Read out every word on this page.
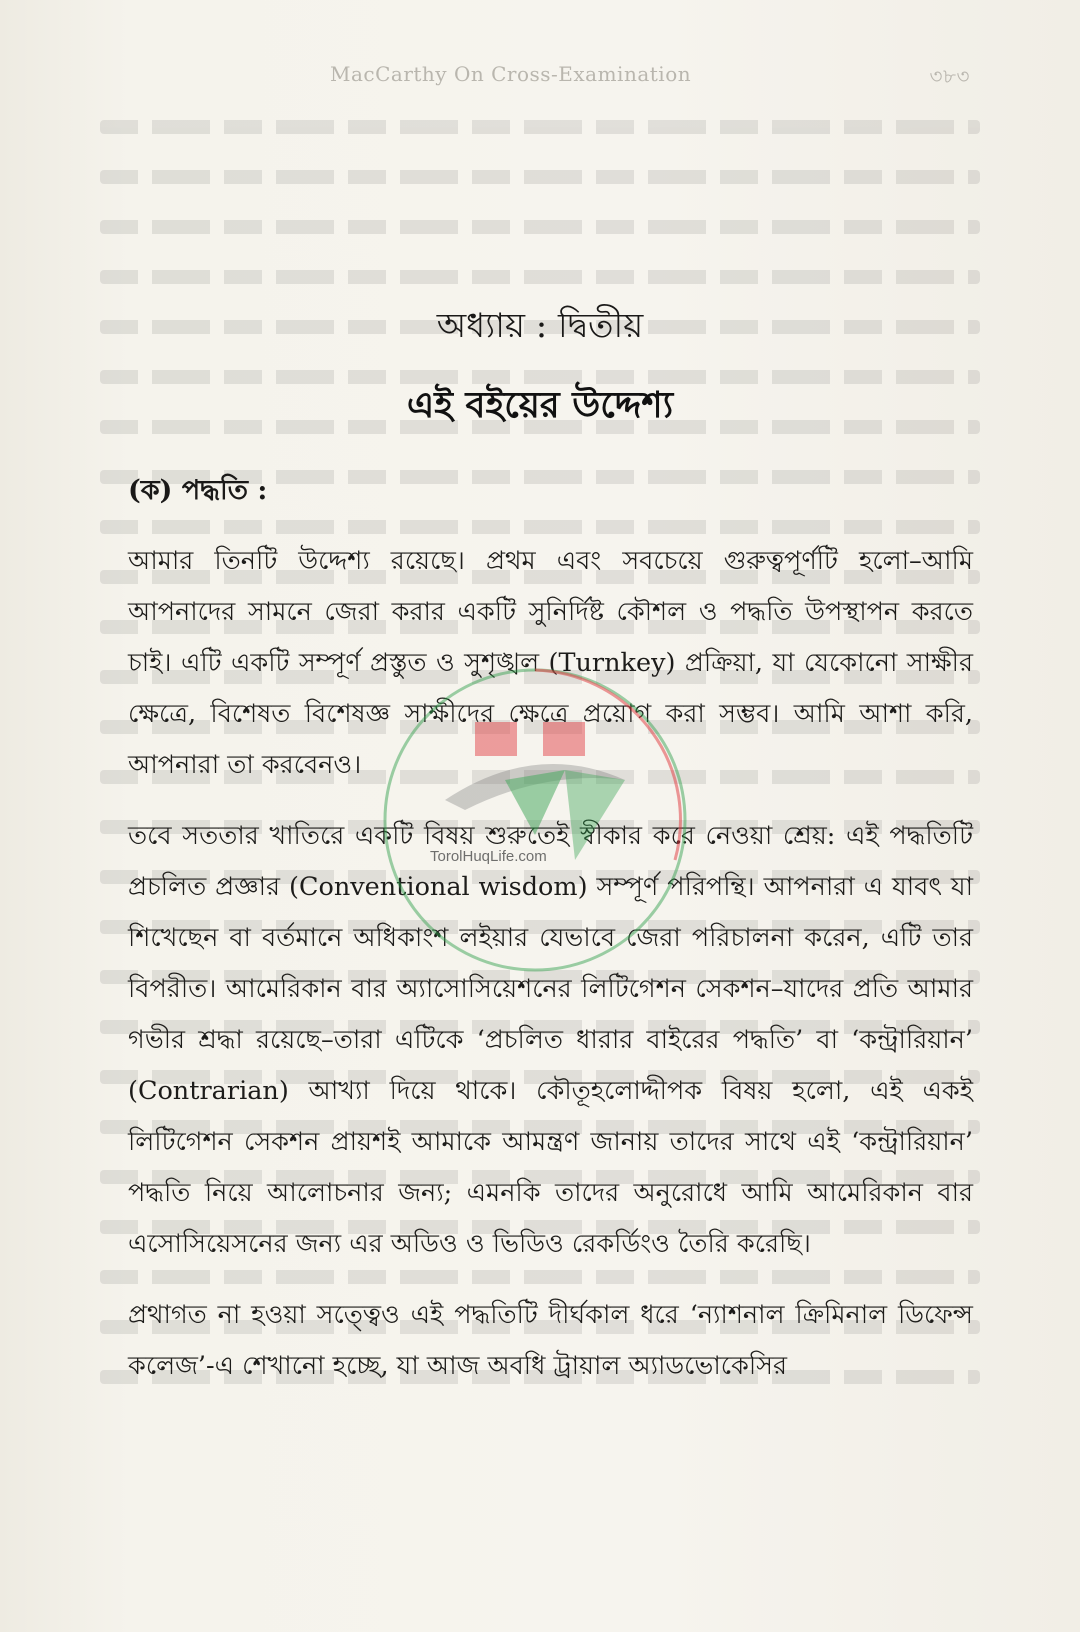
MacCarthy On Cross-Examination	৩৮৩
অধ্যায় : দ্বিতীয়
এই বইয়ের উদ্দেশ্য
(ক) পদ্ধতি :

আমার তিনটি উদ্দেশ্য রয়েছে। প্রথম এবং সবচেয়ে গুরুত্বপূর্ণটি হলো–আমি আপনাদের সামনে জেরা করার একটি সুনির্দিষ্ট কৌশল ও পদ্ধতি উপস্থাপন করতে চাই। এটি একটি সম্পূর্ণ প্রস্তুত ও সুশৃঙ্খল (Turnkey) প্রক্রিয়া, যা যেকোনো সাক্ষীর ক্ষেত্রে, বিশেষত বিশেষজ্ঞ সাক্ষীদের ক্ষেত্রে প্রয়োগ করা সম্ভব। আমি আশা করি, আপনারা তা করবেনও।

তবে সততার খাতিরে একটি বিষয় শুরুতেই স্বীকার করে নেওয়া শ্রেয়: এই পদ্ধতিটি প্রচলিত প্রজ্ঞার (Conventional wisdom) সম্পূর্ণ পরিপন্থি। আপনারা এ যাবৎ যা শিখেছেন বা বর্তমানে অধিকাংশ লইয়ার যেভাবে জেরা পরিচালনা করেন, এটি তার বিপরীত। আমেরিকান বার অ্যাসোসিয়েশনের লিটিগেশন সেকশন–যাদের প্রতি আমার গভীর শ্রদ্ধা রয়েছে–তারা এটিকে ‘প্রচলিত ধারার বাইরের পদ্ধতি’ বা ‘কন্ট্রারিয়ান’ (Contrarian) আখ্যা দিয়ে থাকে। কৌতূহলোদ্দীপক বিষয় হলো, এই একই লিটিগেশন সেকশন প্রায়শই আমাকে আমন্ত্রণ জানায় তাদের সাথে এই ‘কন্ট্রারিয়ান’ পদ্ধতি নিয়ে আলোচনার জন্য; এমনকি তাদের অনুরোধে আমি আমেরিকান বার এসোসিয়েসনের জন্য এর অডিও ও ভিডিও রেকর্ডিংও তৈরি করেছি।

প্রথাগত না হওয়া সত্ত্বেও এই পদ্ধতিটি দীর্ঘকাল ধরে ‘ন্যাশনাল ক্রিমিনাল ডিফেন্স কলেজ’-এ শেখানো হচ্ছে, যা আজ অবধি ট্রায়াল অ্যাডভোকেসির

TorolHuqLife.com
